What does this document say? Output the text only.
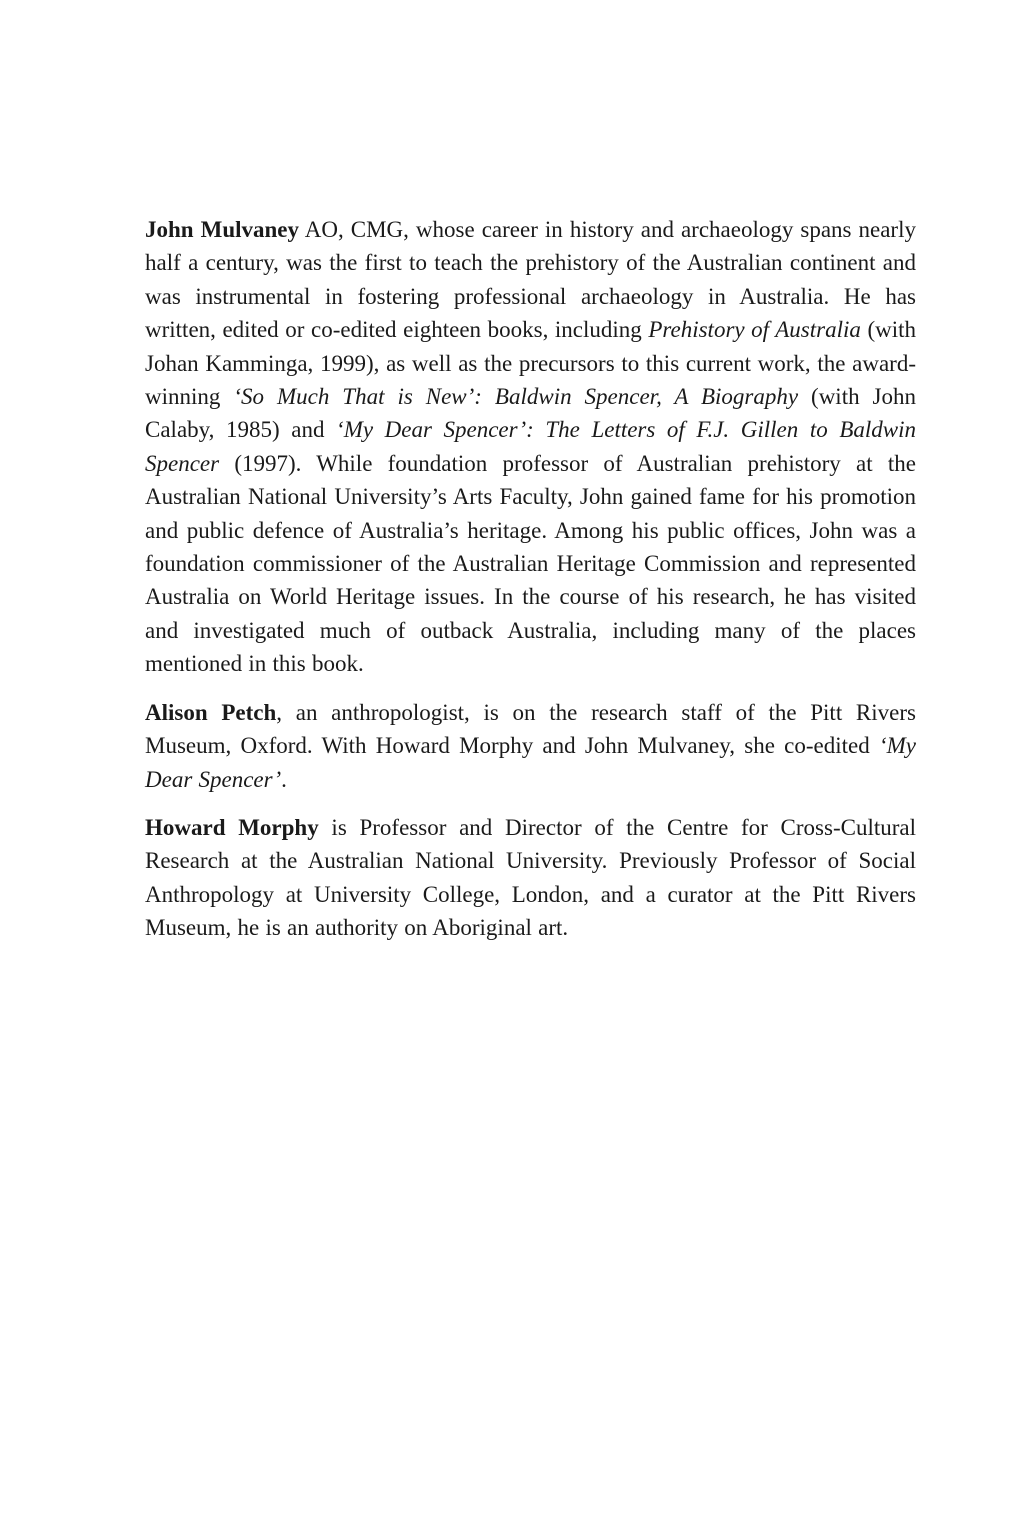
John Mulvaney AO, CMG, whose career in history and archaeology spans nearly half a century, was the first to teach the prehistory of the Australian continent and was instrumental in fostering professional archaeology in Australia. He has written, edited or co-edited eighteen books, including Prehistory of Australia (with Johan Kamminga, 1999), as well as the precursors to this current work, the award-winning ‘So Much That is New’: Baldwin Spencer, A Biography (with John Calaby, 1985) and ‘My Dear Spencer’: The Letters of F.J. Gillen to Baldwin Spencer (1997). While foundation professor of Australian prehistory at the Australian National University’s Arts Faculty, John gained fame for his promotion and public defence of Australia’s heritage. Among his public offices, John was a foundation commissioner of the Australian Heritage Commission and represented Australia on World Heritage issues. In the course of his research, he has visited and investigated much of outback Australia, including many of the places mentioned in this book.

Alison Petch, an anthropologist, is on the research staff of the Pitt Rivers Museum, Oxford. With Howard Morphy and John Mulvaney, she co-edited ‘My Dear Spencer’.

Howard Morphy is Professor and Director of the Centre for Cross-Cultural Research at the Australian National University. Previously Professor of Social Anthropology at University College, London, and a curator at the Pitt Rivers Museum, he is an authority on Aboriginal art.
